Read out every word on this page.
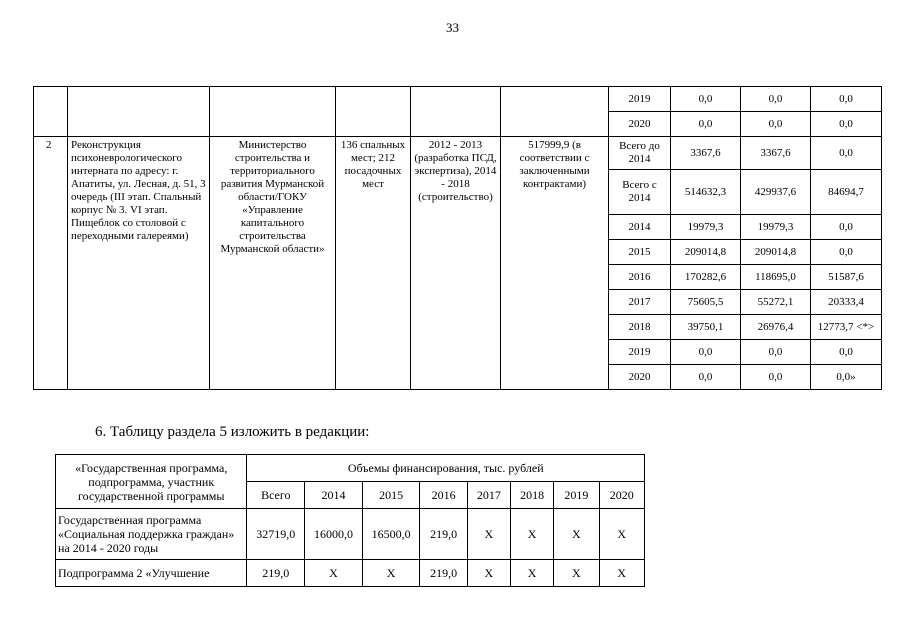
33
						2019	0,0	0,0	0,0
						2020	0,0	0,0	0,0
2	Реконструкция психоневрологического интерната по адресу: г. Апатиты, ул. Лесная, д. 51, 3 очередь (III этап. Спальный корпус № 3. VI этап. Пищеблок со столовой с переходными галереями)	Министерство строительства и территориального развития Мурманской области/ГОКУ «Управление капитального строительства Мурманской области»	136 спальных мест; 212 посадочных мест	2012 - 2013 (разработка ПСД, экспертиза), 2014 - 2018 (строительство)	517999,9 (в соответствии с заключенными контрактами)	Всего до 2014	3367,6	3367,6	0,0
						Всего с 2014	514632,3	429937,6	84694,7
						2014	19979,3	19979,3	0,0
						2015	209014,8	209014,8	0,0
						2016	170282,6	118695,0	51587,6
						2017	75605,5	55272,1	20333,4
						2018	39750,1	26976,4	12773,7 <*>
						2019	0,0	0,0	0,0
						2020	0,0	0,0	0,0»
6. Таблицу раздела 5 изложить в редакции:
«Государственная программа, подпрограмма, участник государственной программы	Объемы финансирования, тыс. рублей							
	Всего	2014	2015	2016	2017	2018	2019	2020
Государственная программа «Социальная поддержка граждан» на 2014 - 2020 годы	32719,0	16000,0	16500,0	219,0	X	X	X	X
Подпрограмма 2 «Улучшение	219,0	X	X	219,0	X	X	X	X
